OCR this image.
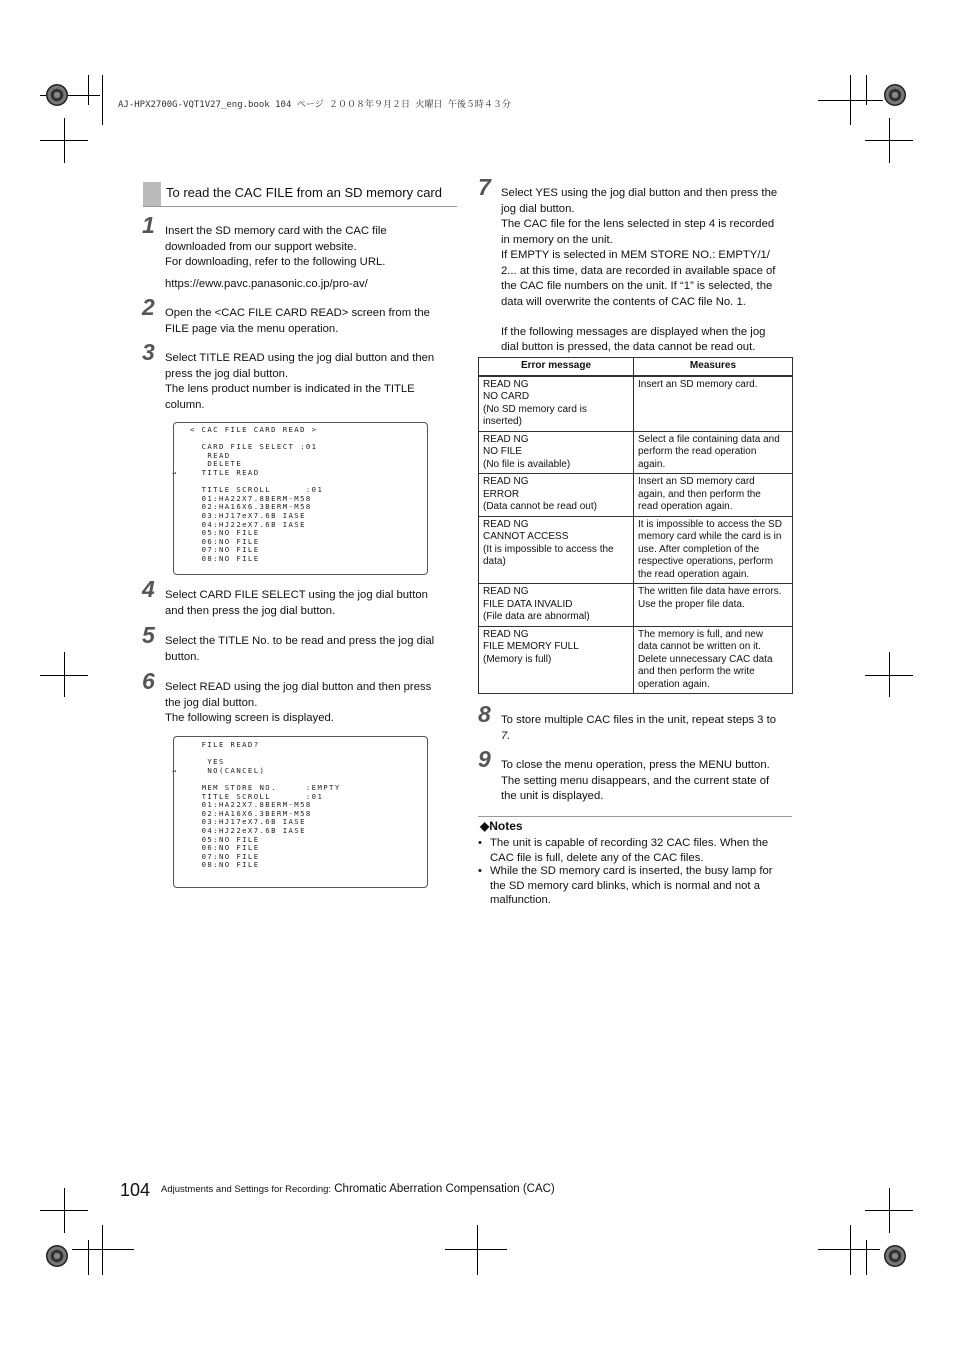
AJ-HPX2700G-VQT1V27_eng.book 104 ページ ２００８年９月２日 火曜日 午後５時４３分
To read the CAC FILE from an SD memory card
1 Insert the SD memory card with the CAC file

downloaded from our support website.

For downloading, refer to the following URL.

https://eww.pavc.panasonic.co.jp/pro-av/

2 Open the <CAC FILE CARD READ> screen from the

FILE page via the menu operation.

3 Select TITLE READ using the jog dial button and then

press the jog dial button.

The lens product number is indicated in the TITLE

column.

< CAC FILE CARD READ >
CARD FILE SELECT :01
READ
DELETE
TITLE READ
→
TITLE SCROLL      :01
01:HA22X7.8BERM-M58
02:HA16X6.3BERM-M58
03:HJ17eX7.6B IASE
04:HJ22eX7.6B IASE
05:NO FILE
06:NO FILE
07:NO FILE
08:NO FILE
4 Select CARD FILE SELECT using the jog dial button

and then press the jog dial button.

5 Select the TITLE No. to be read and press the jog dial

button.

6 Select READ using the jog dial button and then press

the jog dial button.

The following screen is displayed.

FILE READ?
YES
NO(CANCEL)
→
MEM STORE NO.     :EMPTY
TITLE SCROLL      :01
01:HA22X7.8BERM-M58
02:HA16X6.3BERM-M58
03:HJ17eX7.6B IASE
04:HJ22eX7.6B IASE
05:NO FILE
06:NO FILE
07:NO FILE
08:NO FILE
7 Select YES using the jog dial button and then press the

jog dial button.

The CAC file for the lens selected in step 4 is recorded

in memory on the unit.

If EMPTY is selected in MEM STORE NO.: EMPTY/1/

2... at this time, data are recorded in available space of

the CAC file numbers on the unit. If “1” is selected, the

data will overwrite the contents of CAC file No. 1.

If the following messages are displayed when the jog

dial button is pressed, the data cannot be read out.

Error message	Measures

READ NG
NO CARD
(No SD memory card is
inserted)	Insert an SD memory card.

READ NG
NO FILE
(No file is available)	Select a file containing data and
perform the read operation
again.

READ NG
ERROR
(Data cannot be read out)	Insert an SD memory card
again, and then perform the
read operation again.

READ NG
CANNOT ACCESS
(It is impossible to access the
data)	It is impossible to access the SD
memory card while the card is in
use. After completion of the
respective operations, perform
the read operation again.

READ NG
FILE DATA INVALID
(File data are abnormal)	The written file data have errors.
Use the proper file data.

READ NG
FILE MEMORY FULL
(Memory is full)	The memory is full, and new
data cannot be written on it.
Delete unnecessary CAC data
and then perform the write
operation again.
8 To store multiple CAC files in the unit, repeat steps 3 to

7.

9 To close the menu operation, press the MENU button.

The setting menu disappears, and the current state of

the unit is displayed.

◆Notes
• The unit is capable of recording 32 CAC files. When the
CAC file is full, delete any of the CAC files.
• While the SD memory card is inserted, the busy lamp for
the SD memory card blinks, which is normal and not a
malfunction.
104 Adjustments and Settings for Recording: Chromatic Aberration Compensation (CAC)
